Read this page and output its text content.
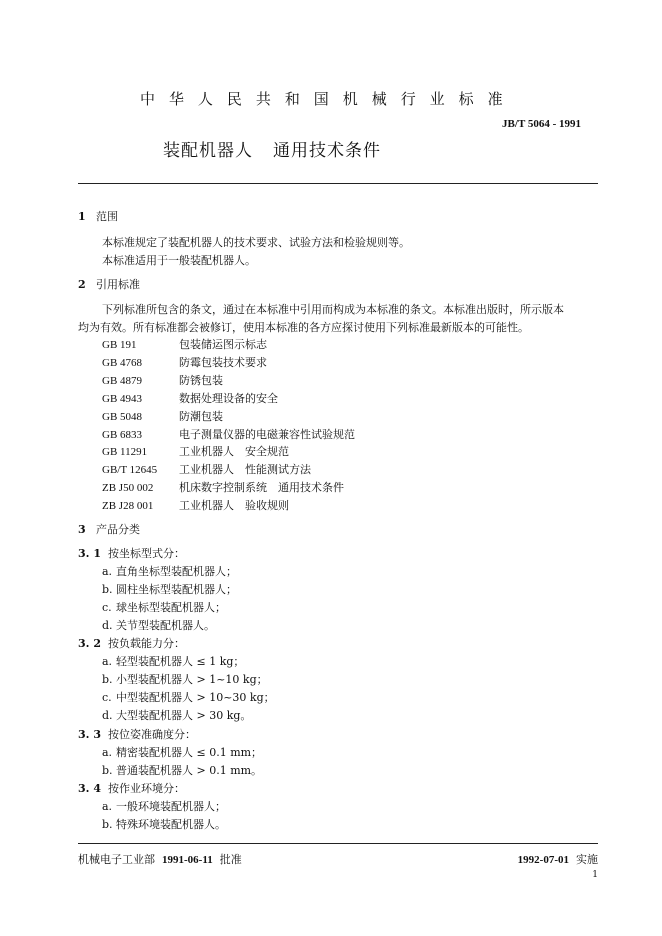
中 华 人 民 共 和 国 机 械 行 业 标 准
JB/T 5064 - 1991
装配机器人 通用技术条件
1 范围
本标准规定了装配机器人的技术要求、试验方法和检验规则等。
本标准适用于一般装配机器人。
2 引用标准
下列标准所包含的条文，通过在本标准中引用而构成为本标准的条文。本标准出版时，所示版本
均为有效。所有标准都会被修订，使用本标准的各方应探讨使用下列标准最新版本的可能性。
GB 191	包装储运图示标志
GB 4768	防霉包装技术要求
GB 4879	防锈包装
GB 4943	数据处理设备的安全
GB 5048	防潮包装
GB 6833	电子测量仪器的电磁兼容性试验规范
GB 11291	工业机器人　安全规范
GB/T 12645 工业机器人　性能测试方法
ZB J50 002 机床数字控制系统　通用技术条件
ZB J28 001 工业机器人　验收规则
3 产品分类
3. 1 按坐标型式分：
a. 直角坐标型装配机器人；
b. 圆柱坐标型装配机器人；
c. 球坐标型装配机器人；
d. 关节型装配机器人。
3. 2 按负载能力分：
a. 轻型装配机器人 ≤ 1 kg；
b. 小型装配机器人 > 1~10 kg；
c. 中型装配机器人 > 10~30 kg；
d. 大型装配机器人 > 30 kg。
3. 3 按位姿准确度分：
a. 精密装配机器人 ≤ 0.1 mm；
b. 普通装配机器人 > 0.1 mm。
3. 4 按作业环境分：
a. 一般环境装配机器人；
b. 特殊环境装配机器人。
机械电子工业部 1991-06-11 批准	1992-07-01 实施
1
